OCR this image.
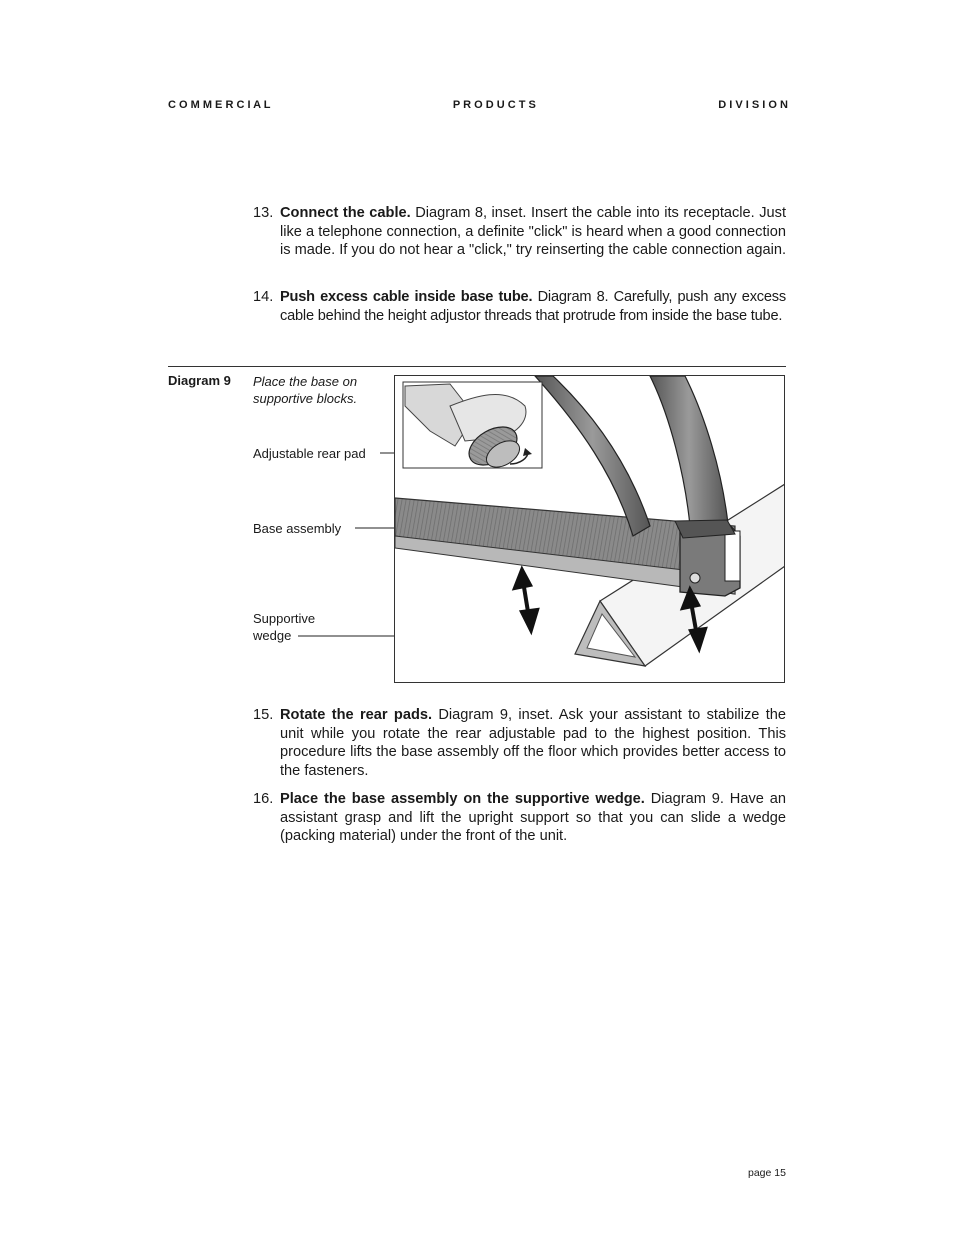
C O M M E R C I A L	P R O D U C T S	D I V I S I O N
13. Connect the cable. Diagram 8, inset. Insert the cable into its receptacle. Just like a telephone connection, a definite "click" is heard when a good connection is made. If you do not hear a "click," try reinserting the cable connection again.
14. Push excess cable inside base tube. Diagram 8. Carefully, push any excess cable behind the height adjustor threads that protrude from inside the base tube.
Diagram 9 Place the base on supportive blocks.
Adjustable rear pad
Base assembly
Supportive wedge
15. Rotate the rear pads. Diagram 9, inset. Ask your assistant to stabilize the unit while you rotate the rear adjustable pad to the highest position. This procedure lifts the base assembly off the floor which provides better access to the fasteners.
16. Place the base assembly on the supportive wedge. Diagram 9. Have an assistant grasp and lift the upright support so that you can slide a wedge (packing material) under the front of the unit.
page 15
